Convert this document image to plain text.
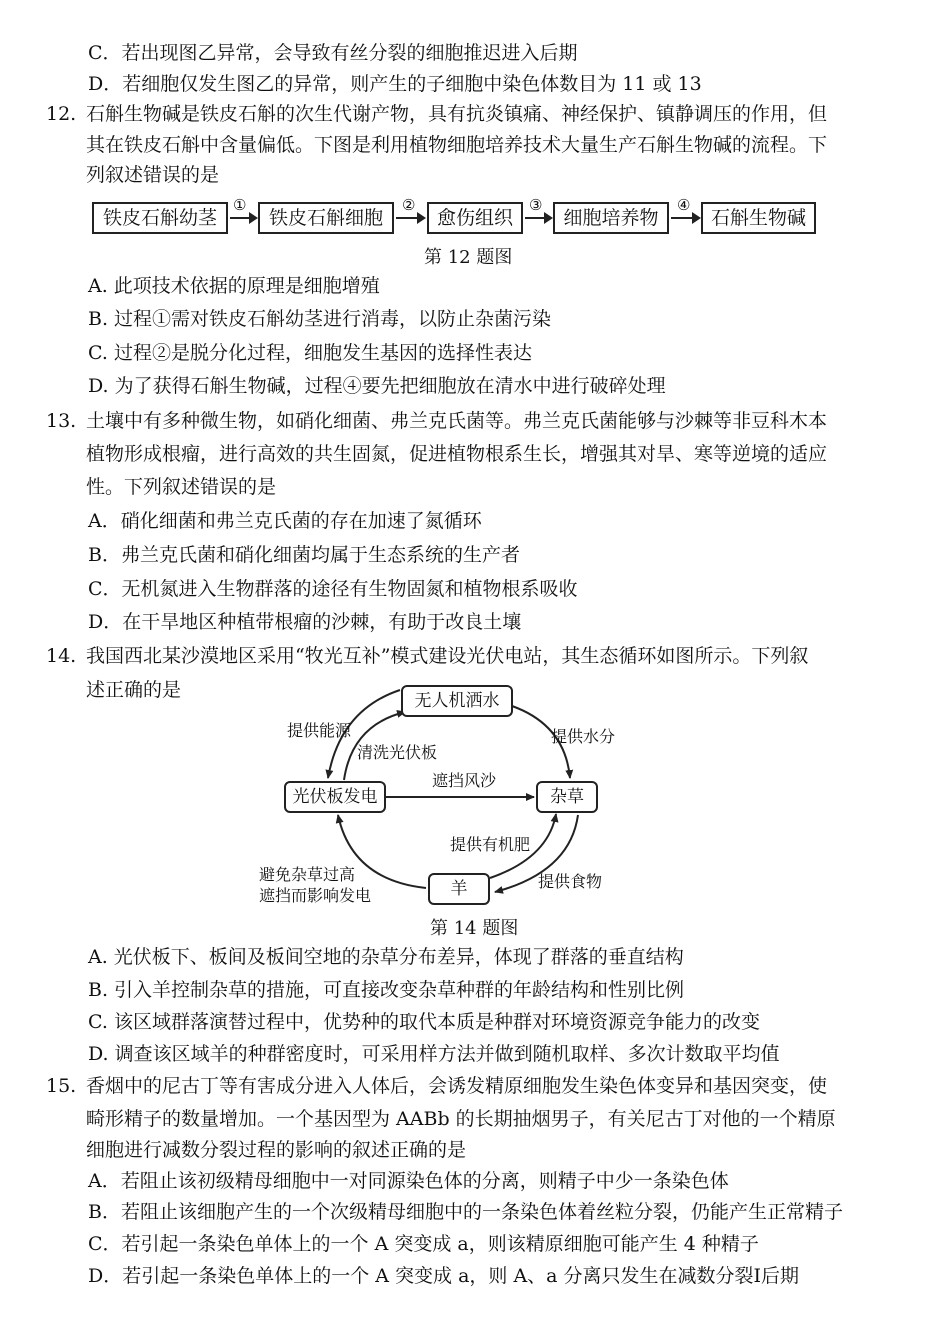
C．若出现图乙异常，会导致有丝分裂的细胞推迟进入后期
D．若细胞仅发生图乙的异常，则产生的子细胞中染色体数目为 11 或 13
12. 石斛生物碱是铁皮石斛的次生代谢产物，具有抗炎镇痛、神经保护、镇静调压的作用，但
其在铁皮石斛中含量偏低。下图是利用植物细胞培养技术大量生产石斛生物碱的流程。下
列叙述错误的是
铁皮石斛幼茎
①
铁皮石斛细胞
②
愈伤组织
③
细胞培养物
④
石斛生物碱
第 12 题图
A. 此项技术依据的原理是细胞增殖
B. 过程①需对铁皮石斛幼茎进行消毒，以防止杂菌污染
C. 过程②是脱分化过程，细胞发生基因的选择性表达
D. 为了获得石斛生物碱，过程④要先把细胞放在清水中进行破碎处理
13. 土壤中有多种微生物，如硝化细菌、弗兰克氏菌等。弗兰克氏菌能够与沙棘等非豆科木本
植物形成根瘤，进行高效的共生固氮，促进植物根系生长，增强其对旱、寒等逆境的适应
性。下列叙述错误的是
A．硝化细菌和弗兰克氏菌的存在加速了氮循环
B．弗兰克氏菌和硝化细菌均属于生态系统的生产者
C．无机氮进入生物群落的途径有生物固氮和植物根系吸收
D．在干旱地区种植带根瘤的沙棘，有助于改良土壤
14. 我国西北某沙漠地区采用“牧光互补”模式建设光伏电站，其生态循环如图所示。下列叙
述正确的是	无人机洒水
光伏板发电	杂草
羊
提供能源
清洗光伏板
提供水分
遮挡风沙
提供有机肥
提供食物
避免杂草过高
遮挡而影响发电
第 14 题图
A. 光伏板下、板间及板间空地的杂草分布差异，体现了群落的垂直结构
B. 引入羊控制杂草的措施，可直接改变杂草种群的年龄结构和性别比例
C. 该区域群落演替过程中，优势种的取代本质是种群对环境资源竞争能力的改变
D. 调查该区域羊的种群密度时，可采用样方法并做到随机取样、多次计数取平均值
15. 香烟中的尼古丁等有害成分进入人体后，会诱发精原细胞发生染色体变异和基因突变，使
畸形精子的数量增加。一个基因型为 AABb 的长期抽烟男子，有关尼古丁对他的一个精原
细胞进行减数分裂过程的影响的叙述正确的是
A．若阻止该初级精母细胞中一对同源染色体的分离，则精子中少一条染色体
B．若阻止该细胞产生的一个次级精母细胞中的一条染色体着丝粒分裂，仍能产生正常精子
C．若引起一条染色单体上的一个 A 突变成 a，则该精原细胞可能产生 4 种精子
D．若引起一条染色单体上的一个 A 突变成 a，则 A、a 分离只发生在减数分裂Ⅰ后期
